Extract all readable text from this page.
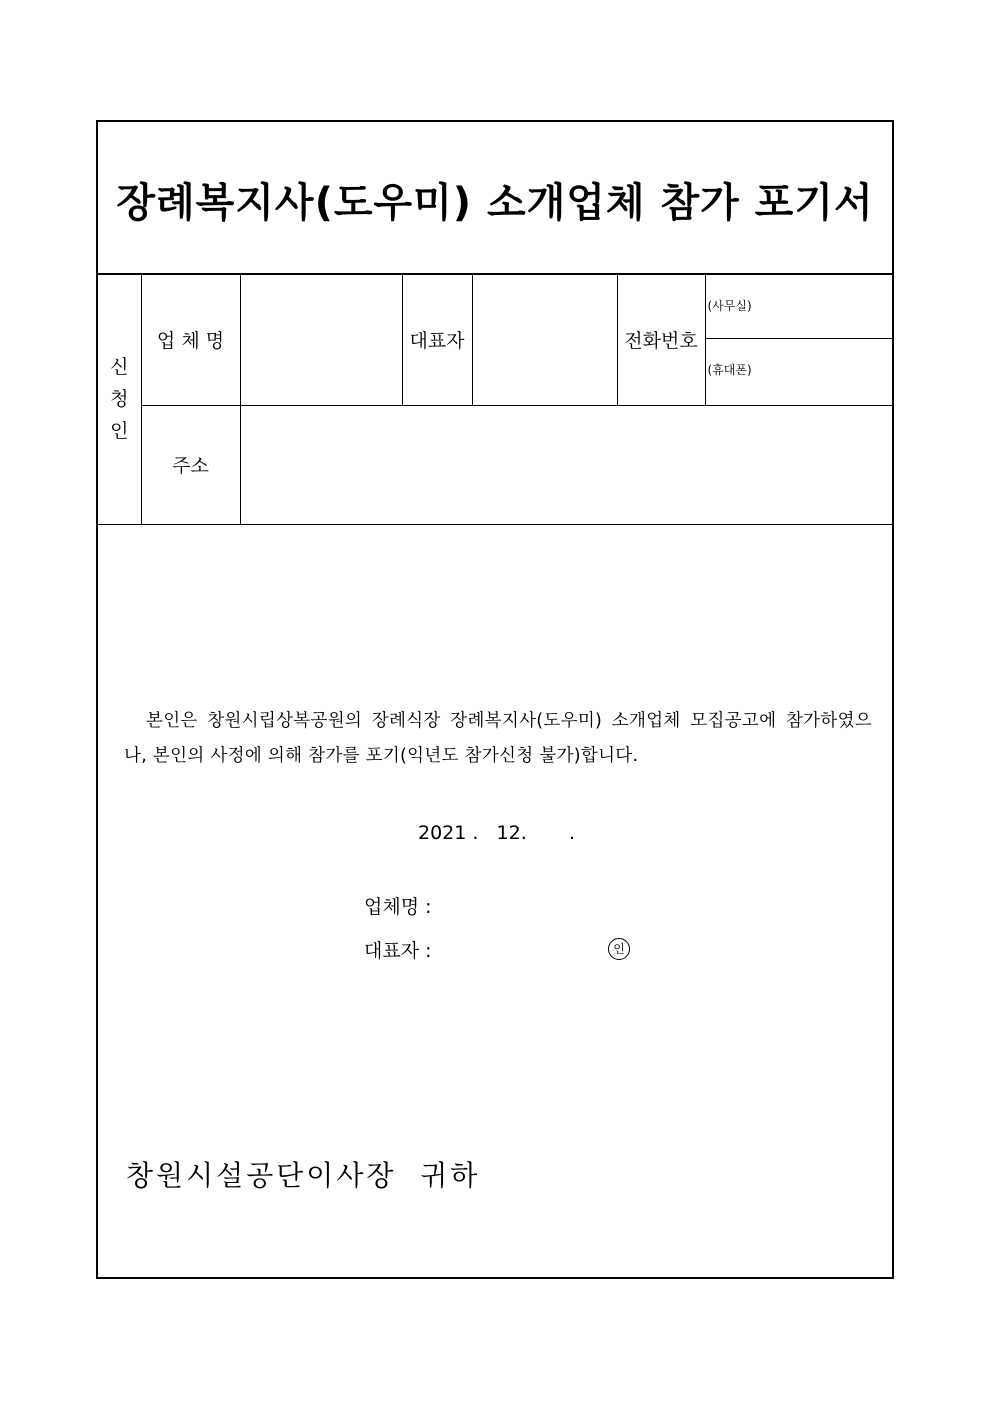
장례복지사(도우미) 소개업체 참가 포기서
신청인	업 체 명		대표자		전화번호	(사무실)
(휴대폰)

	주소					

본인은 창원시립상복공원의 장례식장 장례복지사(도우미) 소개업체 모집공고에 참가하였으나, 본인의 사정에 의해 참가를 포기(익년도 참가신청 불가)합니다.

2021 .   12.       .
업체명 :
대표자 :	인
창원시설공단이사장  귀하
